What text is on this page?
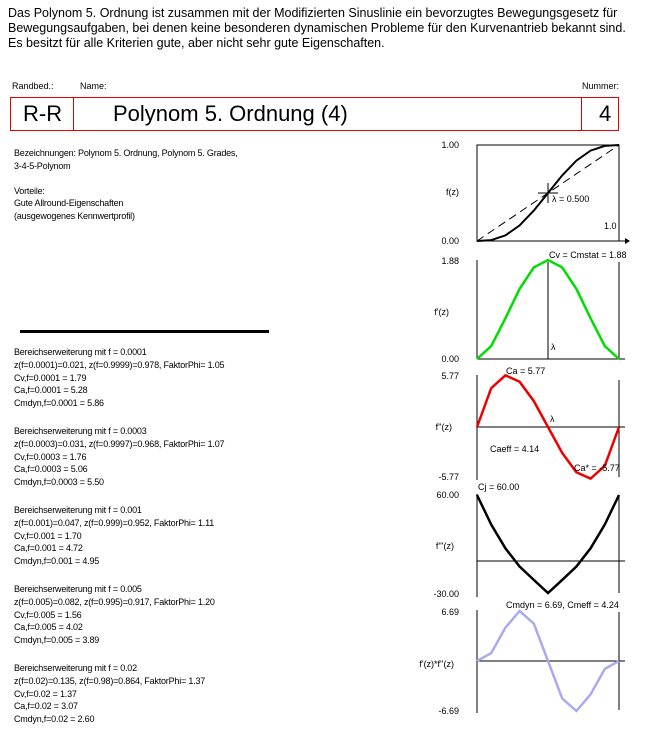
Das Polynom 5. Ordnung ist zusammen mit der Modifizierten Sinuslinie ein bevorzugtes Bewegungsgesetz für Bewegungsaufgaben, bei denen keine besonderen dynamischen Probleme für den Kurvenantrieb bekannt sind. Es besitzt für alle Kriterien gute, aber nicht sehr gute Eigenschaften.
Randbed.:	Name:	Nummer:
R-R Polynom 5. Ordnung (4)	4
Bezeichnungen: Polynom 5. Ordnung, Polynom 5. Grades,
3-4-5-Polynom
Vorteile:
Gute Allround-Eigenschaften
(ausgewogenes Kennwertprofil)
Bereichserweiterung mit f = 0.0001
z(f=0.0001)=0.021, z(f=0.9999)=0.978, FaktorPhi= 1.05
Cv,f=0.0001 = 1.79
Ca,f=0.0001 = 5.28
Cmdyn,f=0.0001 = 5.86
Bereichserweiterung mit f = 0.0003
z(f=0.0003)=0.031, z(f=0.9997)=0.968, FaktorPhi= 1.07
Cv,f=0.0003 = 1.76
Ca,f=0.0003 = 5.06
Cmdyn,f=0.0003 = 5.50
Bereichserweiterung mit f = 0.001
z(f=0.001)=0.047, z(f=0.999)=0.952, FaktorPhi= 1.11
Cv,f=0.001 = 1.70
Ca,f=0.001 = 4.72
Cmdyn,f=0.001 = 4.95
Bereichserweiterung mit f = 0.005
z(f=0.005)=0.082, z(f=0.995)=0.917, FaktorPhi= 1.20
Cv,f=0.005 = 1.56
Ca,f=0.005 = 4.02
Cmdyn,f=0.005 = 3.89
Bereichserweiterung mit f = 0.02
z(f=0.02)=0.135, z(f=0.98)=0.864, FaktorPhi= 1.37
Cv,f=0.02 = 1.37
Ca,f=0.02 = 3.07
Cmdyn,f=0.02 = 2.60
1.00
f(z)
0.00
1.88
f'(z)
0.00
5.77
f''(z)
-5.77
60.00
f'''(z)
-30.00
6.69
f'(z)*f''(z)
-6.69
λ = 0.500
1.0
Cv = Cmstat = 1.88
λ
Ca = 5.77
Caeff = 4.14
Ca* = -5.77
λ
Cj = 60.00
Cmdyn = 6.69, Cmeff = 4.24
